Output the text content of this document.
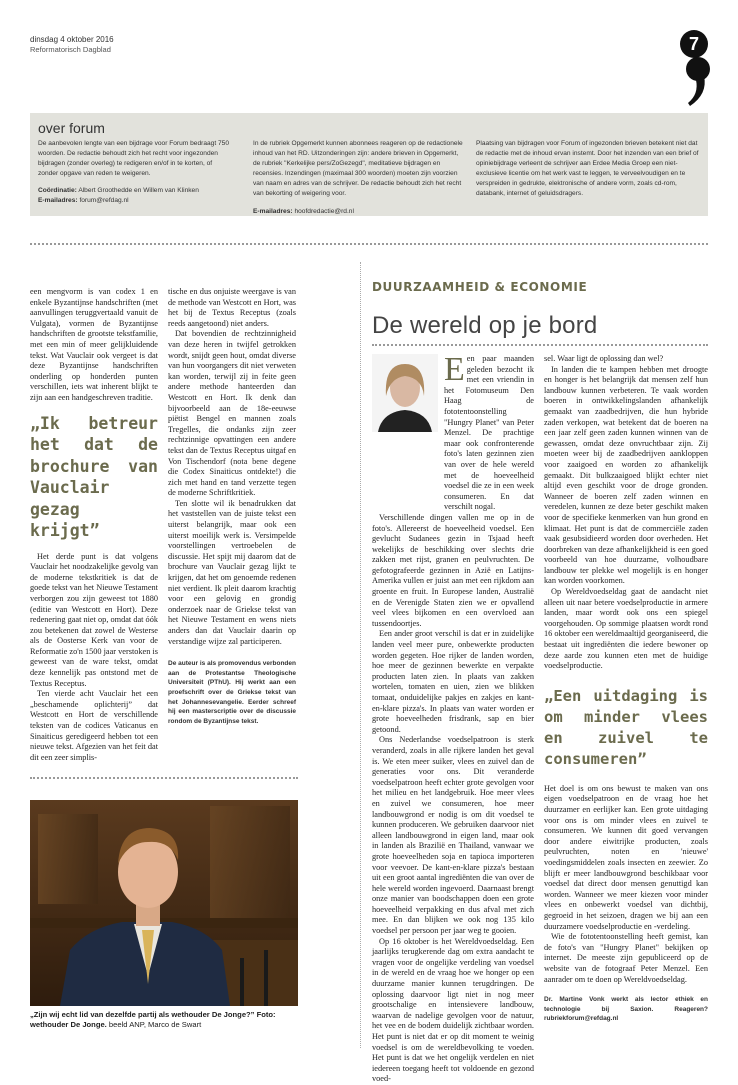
dinsdag 4 oktober 2016
Reformatorisch Dagblad	7
over forum
De aanbevolen lengte van een bijdrage voor Forum bedraagt 750 woorden. De redactie behoudt zich het recht voor ingezonden bijdragen (zonder overleg) te redigeren en/of in te korten, of zonder opgave van reden te weigeren.
Coördinatie: Albert Groothedde en Willem van Klinken
E-mailadres: forum@refdag.nl
In de rubriek Opgemerkt kunnen abonnees reageren op de redactionele inhoud van het RD. Uitzonderingen zijn: andere brieven in Opgemerkt, de rubriek "Kerkelijke pers/ZoGezegd", meditatieve bijdragen en recensies. Inzendingen (maximaal 300 woorden) moeten zijn voorzien van naam en adres van de schrijver. De redactie behoudt zich het recht van bekorting of weigering voor.
E-mailadres: hoofdredactie@rd.nl
Plaatsing van bijdragen voor Forum of ingezonden brieven betekent niet dat de redactie met de inhoud ervan instemt. Door het inzenden van een brief of opiniebijdrage verleent de schrijver aan Erdee Media Groep een niet-exclusieve licentie om het werk vast te leggen, te verveelvoudigen en te verspreiden in gedrukte, elektronische of andere vorm, zoals cd-rom, databank, internet of geluidsdragers.

een mengvorm is van codex 1 en enkele Byzantijnse handschriften (met aanvullingen teruggvertaald vanuit de Vulgata), vormen de Byzantijnse handschriften de grootste tekstfamilie, met een min of meer gelijkluidende tekst. Wat Vauclair ook vergeet is dat deze Byzantijnse handschriften onderling op honderden punten verschillen, iets wat inherent blijkt te zijn aan een handgeschreven traditie.

„Ik betreur het dat de brochure van Vauclair gezag krijgt”

Het derde punt is dat volgens Vauclair het noodzakelijke gevolg van de moderne tekstkritiek is dat de goede tekst van het Nieuwe Testament verborgen zou zijn geweest tot 1880 (editie van Westcott en Hort). Deze redenering gaat niet op, omdat dat óók zou betekenen dat zowel de Westerse als de Oosterse Kerk van voor de Reformatie zo'n 1500 jaar verstoken is geweest van de ware tekst, omdat deze kennelijk pas ontstond met de Textus Receptus.

Ten vierde acht Vauclair het een „beschamende oplichterij” dat Westcott en Hort de verschillende teksten van de codices Vaticanus en Sinaiticus geredigeerd hebben tot een nieuwe tekst. Afgezien van het feit dat dit een zeer simplis-

tische en dus onjuiste weergave is van de methode van Westcott en Hort, was het bij de Textus Receptus (zoals reeds aangetoond) niet anders.

Dat bovendien de rechtzinnigheid van deze heren in twijfel getrokken wordt, snijdt geen hout, omdat diverse van hun voorgangers dit niet verweten kan worden, terwijl zij in feite geen andere methode hanteerden dan Westcott en Hort. Ik denk dan bijvoorbeeld aan de 18e-eeuwse piëtist Bengel en mannen zoals Tregelles, die ondanks zijn zeer rechtzinnige opvattingen een andere tekst dan de Textus Receptus uitgaf en Von Tischendorf (nota bene degene die Codex Sinaiticus ontdekte!) die zich met hand en tand verzette tegen de moderne Schriftkritiek.

Ten slotte wil ik benadrukken dat het vaststellen van de juiste tekst een uiterst belangrijk, maar ook een uiterst moeilijk werk is. Versimpelde voorstellingen vertroebelen de discussie. Het spijt mij daarom dat de brochure van Vauclair gezag lijkt te krijgen, dat het om genoemde redenen niet verdient. Ik pleit daarom krachtig voor een gelovig en grondig onderzoek naar de Griekse tekst van het Nieuwe Testament en wens niets anders dan dat Vauclair daarin op verstandige wijze zal participeren.

De auteur is als promovendus verbonden aan de Protestantse Theologische Universiteit (PThU). Hij werkt aan een proefschrift over de Griekse tekst van het Johannesevangelie. Eerder schreef hij een masterscriptie over de discussie rondom de Byzantijnse tekst.
„Zijn wij echt lid van dezelfde partij als wethouder De Jonge?” Foto: wethouder De Jonge. beeld ANP, Marco de Swart
DUURZAAMHEID & ECONOMIE
De wereld op je bord

Een paar maanden geleden bezocht ik met een vriendin in het Fotomuseum Den Haag de fototentoonstelling "Hungry Planet" van Peter Menzel. De prachtige maar ook confronterende foto's laten gezinnen zien van over de hele wereld met de hoeveelheid voedsel die ze in een week consumeren. En dat verschilt nogal.

Verschillende dingen vallen me op in de foto's. Allereerst de hoeveelheid voedsel. Een gevlucht Sudanees gezin in Tsjaad heeft wekelijks de beschikking over slechts drie zakken met rijst, granen en peulvruchten. De gefotografeerde gezinnen in Azië en Latijns-Amerika vullen er juist aan met een rijkdom aan groente en fruit. In Europese landen, Australië en de Verenigde Staten zien we er opvallend veel vlees bijkomen en een overvloed aan tussendoortjes.

Een ander groot verschil is dat er in zuidelijke landen veel meer pure, onbewerkte producten worden gegeten. Hoe rijker de landen worden, hoe meer de gezinnen bewerkte en verpakte producten laten zien. In plaats van zakken wortelen, tomaten en uien, zien we blikken tomaat, onduidelijke pakjes en zakjes en kant-en-klare pizza's. In plaats van water worden er grote hoeveelheden frisdrank, sap en bier getoond.

Ons Nederlandse voedselpatroon is sterk veranderd, zoals in alle rijkere landen het geval is. We eten meer suiker, vlees en zuivel dan de generaties voor ons. Dit veranderde voedselpatroon heeft echter grote gevolgen voor het milieu en het landgebruik. Hoe meer vlees en zuivel we consumeren, hoe meer landbouwgrond er nodig is om dit voedsel te kunnen produceren. We gebruiken daarvoor niet alleen landbouwgrond in eigen land, maar ook in landen als Brazilië en Thailand, vanwaar we grote hoeveelheden soja en tapioca importeren voor veevoer. De kant-en-klare pizza's bestaan uit een groot aantal ingrediënten die van over de hele wereld worden ingevoerd. Daarnaast brengt onze manier van boodschappen doen een grote hoeveelheid verpakking en dus afval met zich mee. En dan blijken we ook nog 135 kilo voedsel per persoon per jaar weg te gooien.

Op 16 oktober is het Wereldvoedseldag. Een jaarlijks terugkerende dag om extra aandacht te vragen voor de ongelijke verdeling van voedsel in de wereld en de vraag hoe we honger op een duurzame manier kunnen terugdringen. De oplossing daarvoor ligt niet in nog meer grootschalige en intensievere landbouw, waarvan de nadelige gevolgen voor de natuur, het vee en de bodem duidelijk zichtbaar worden. Het punt is niet dat er op dit moment te weinig voedsel is om de wereldbevolking te voeden. Het punt is dat we het ongelijk verdelen en niet iedereen toegang heeft tot voldoende en gezond voed-

sel. Waar ligt de oplossing dan wel?

In landen die te kampen hebben met droogte en honger is het belangrijk dat mensen zelf hun landbouw kunnen verbeteren. Te vaak worden boeren in ontwikkelingslanden afhankelijk gemaakt van zaadbedrijven, die hun hybride zaden verkopen, wat betekent dat de boeren na een jaar zelf geen zaden kunnen winnen van de gewassen, omdat deze onvruchtbaar zijn. Zij moeten weer bij de zaadbedrijven aankloppen voor zaaigoed en worden zo afhankelijk gemaakt. Dit bulkzaaigoed blijkt echter niet altijd even geschikt voor de droge gronden. Wanneer de boeren zelf zaden winnen en veredelen, kunnen ze deze beter geschikt maken voor de specifieke kenmerken van hun grond en klimaat. Het punt is dat de commerciële zaden vaak gesubsidieerd worden door overheden. Het doorbreken van deze afhankelijkheid is een goed voorbeeld van hoe duurzame, volhoudbare landbouw ter plekke wel mogelijk is en honger kan worden voorkomen.

Op Wereldvoedseldag gaat de aandacht niet alleen uit naar betere voedselproductie in armere landen, maar wordt ook ons een spiegel voorgehouden. Op sommige plaatsen wordt rond 16 oktober een wereldmaaltijd georganiseerd, die bestaat uit ingrediënten die iedere bewoner op deze aarde zou kunnen eten met de huidige voedselproductie.

„Een uitdaging is om minder vlees en zuivel te consumeren”

Het doel is om ons bewust te maken van ons eigen voedselpatroon en de vraag hoe het duurzamer en eerlijker kan. Een grote uitdaging voor ons is om minder vlees en zuivel te consumeren. We kunnen dit goed vervangen door andere eiwitrijke producten, zoals peulvruchten, noten en 'nieuwe' voedingsmiddelen zoals insecten en zeewier. Zo blijft er meer landbouwgrond beschikbaar voor voedsel dat direct door mensen genuttigd kan worden. Wanneer we meer kiezen voor minder vlees en onbewerkt voedsel van dichtbij, gegroeid in het seizoen, dragen we bij aan een duurzamere voedselproductie en -verdeling.

Wie de fototentoonstelling heeft gemist, kan de foto's van "Hungry Planet" bekijken op internet. De meeste zijn gepubliceerd op de website van de fotograaf Peter Menzel. Een aanrader om te doen op Wereldvoedseldag.

Dr. Martine Vonk werkt als lector ethiek en technologie bij Saxion. Reageren? rubriekforum@refdag.nl
